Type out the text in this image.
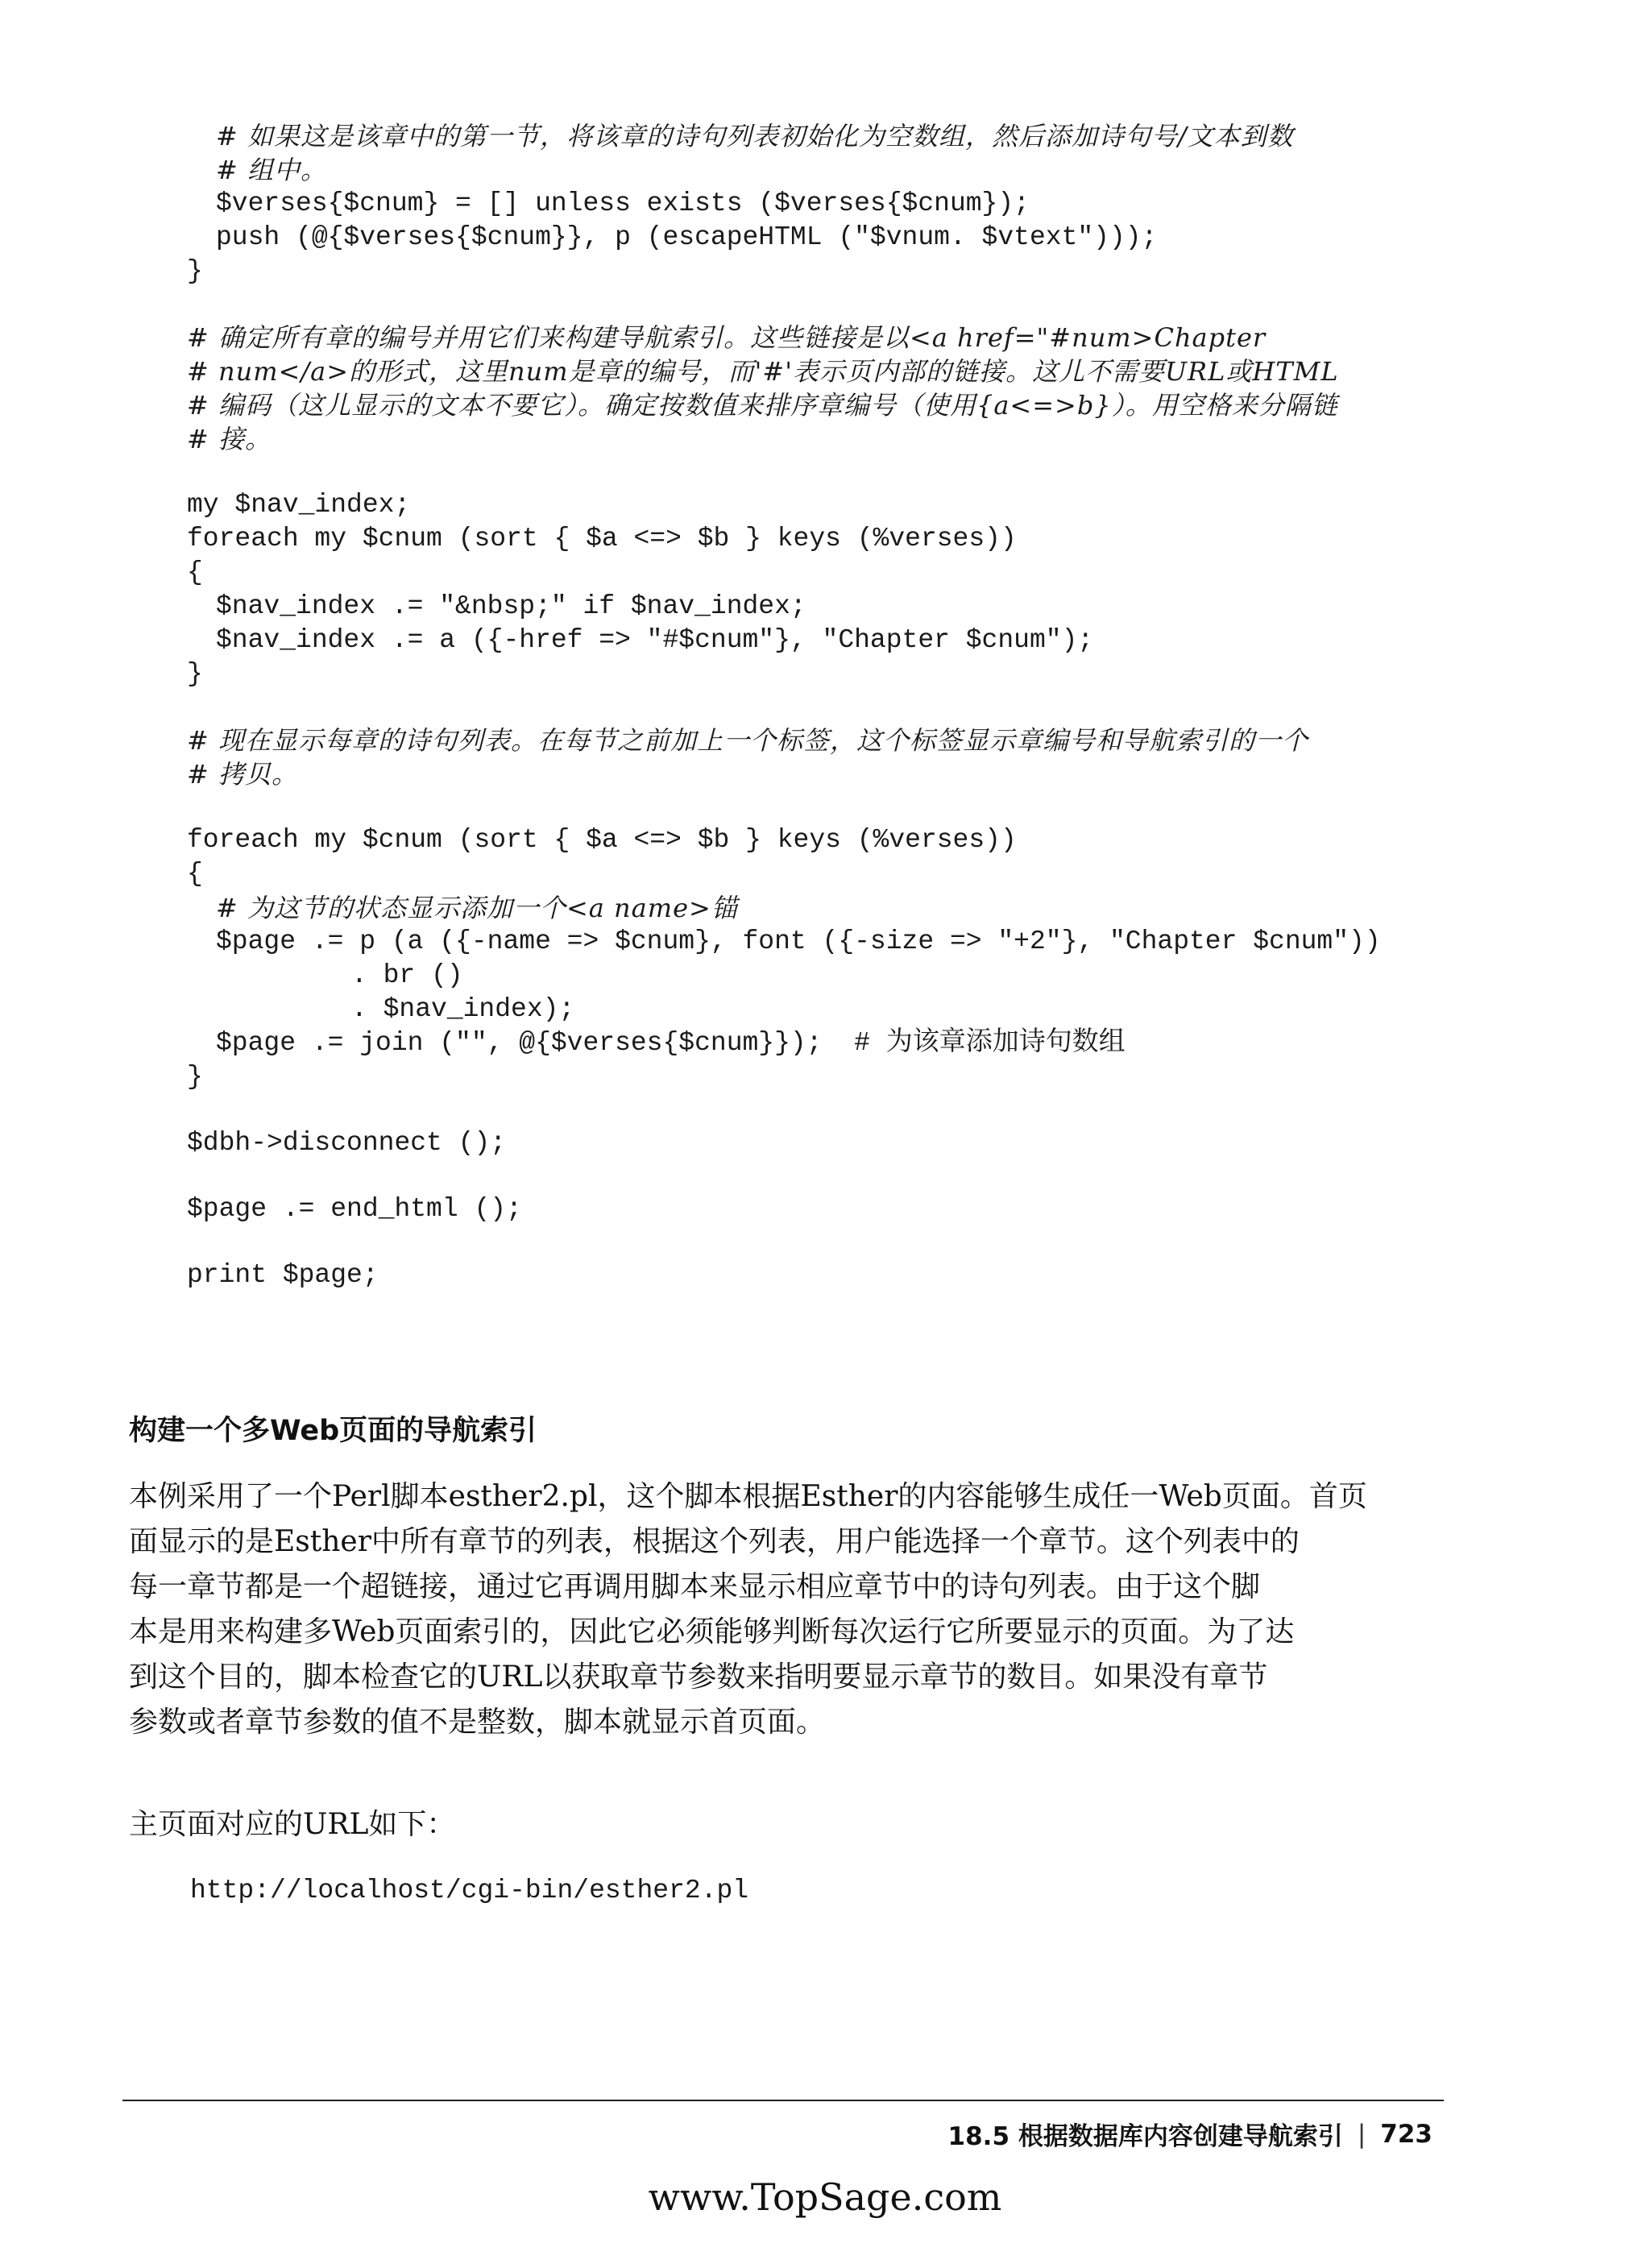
# 如果这是该章中的第一节，将该章的诗句列表初始化为空数组，然后添加诗句号/文本到数
# 组中。
$verses{$cnum} = [] unless exists ($verses{$cnum});
push (@{$verses{$cnum}}, p (escapeHTML ("$vnum. $vtext")));
}
# 确定所有章的编号并用它们来构建导航索引。这些链接是以<a href="#num>Chapter
# num</a>的形式，这里num是章的编号，而'#'表示页内部的链接。这儿不需要URL或HTML
# 编码（这儿显示的文本不要它）。确定按数值来排序章编号（使用{a<=>b}）。用空格来分隔链
# 接。
my $nav_index;
foreach my $cnum (sort { $a <=> $b } keys (%verses))
{
$nav_index .= "&nbsp;" if $nav_index;
$nav_index .= a ({-href => "#$cnum"}, "Chapter $cnum");
}
# 现在显示每章的诗句列表。在每节之前加上一个标签，这个标签显示章编号和导航索引的一个
# 拷贝。
foreach my $cnum (sort { $a <=> $b } keys (%verses))
{
# 为这节的状态显示添加一个<a name>锚
$page .= p (a ({-name => $cnum}, font ({-size => "+2"}, "Chapter $cnum"))
. br ()
. $nav_index);
$page .= join ("", @{$verses{$cnum}});  # 为该章添加诗句数组
}
$dbh->disconnect ();
$page .= end_html ();
print $page;
构建一个多Web页面的导航索引
本例采用了一个Perl脚本esther2.pl，这个脚本根据Esther的内容能够生成任一Web页面。首页
面显示的是Esther中所有章节的列表，根据这个列表，用户能选择一个章节。这个列表中的
每一章节都是一个超链接，通过它再调用脚本来显示相应章节中的诗句列表。由于这个脚
本是用来构建多Web页面索引的，因此它必须能够判断每次运行它所要显示的页面。为了达
到这个目的，脚本检查它的URL以获取章节参数来指明要显示章节的数目。如果没有章节
参数或者章节参数的值不是整数，脚本就显示首页面。
主页面对应的URL如下：
http://localhost/cgi-bin/esther2.pl
18.5 根据数据库内容创建导航索引 | 723
www.TopSage.com
